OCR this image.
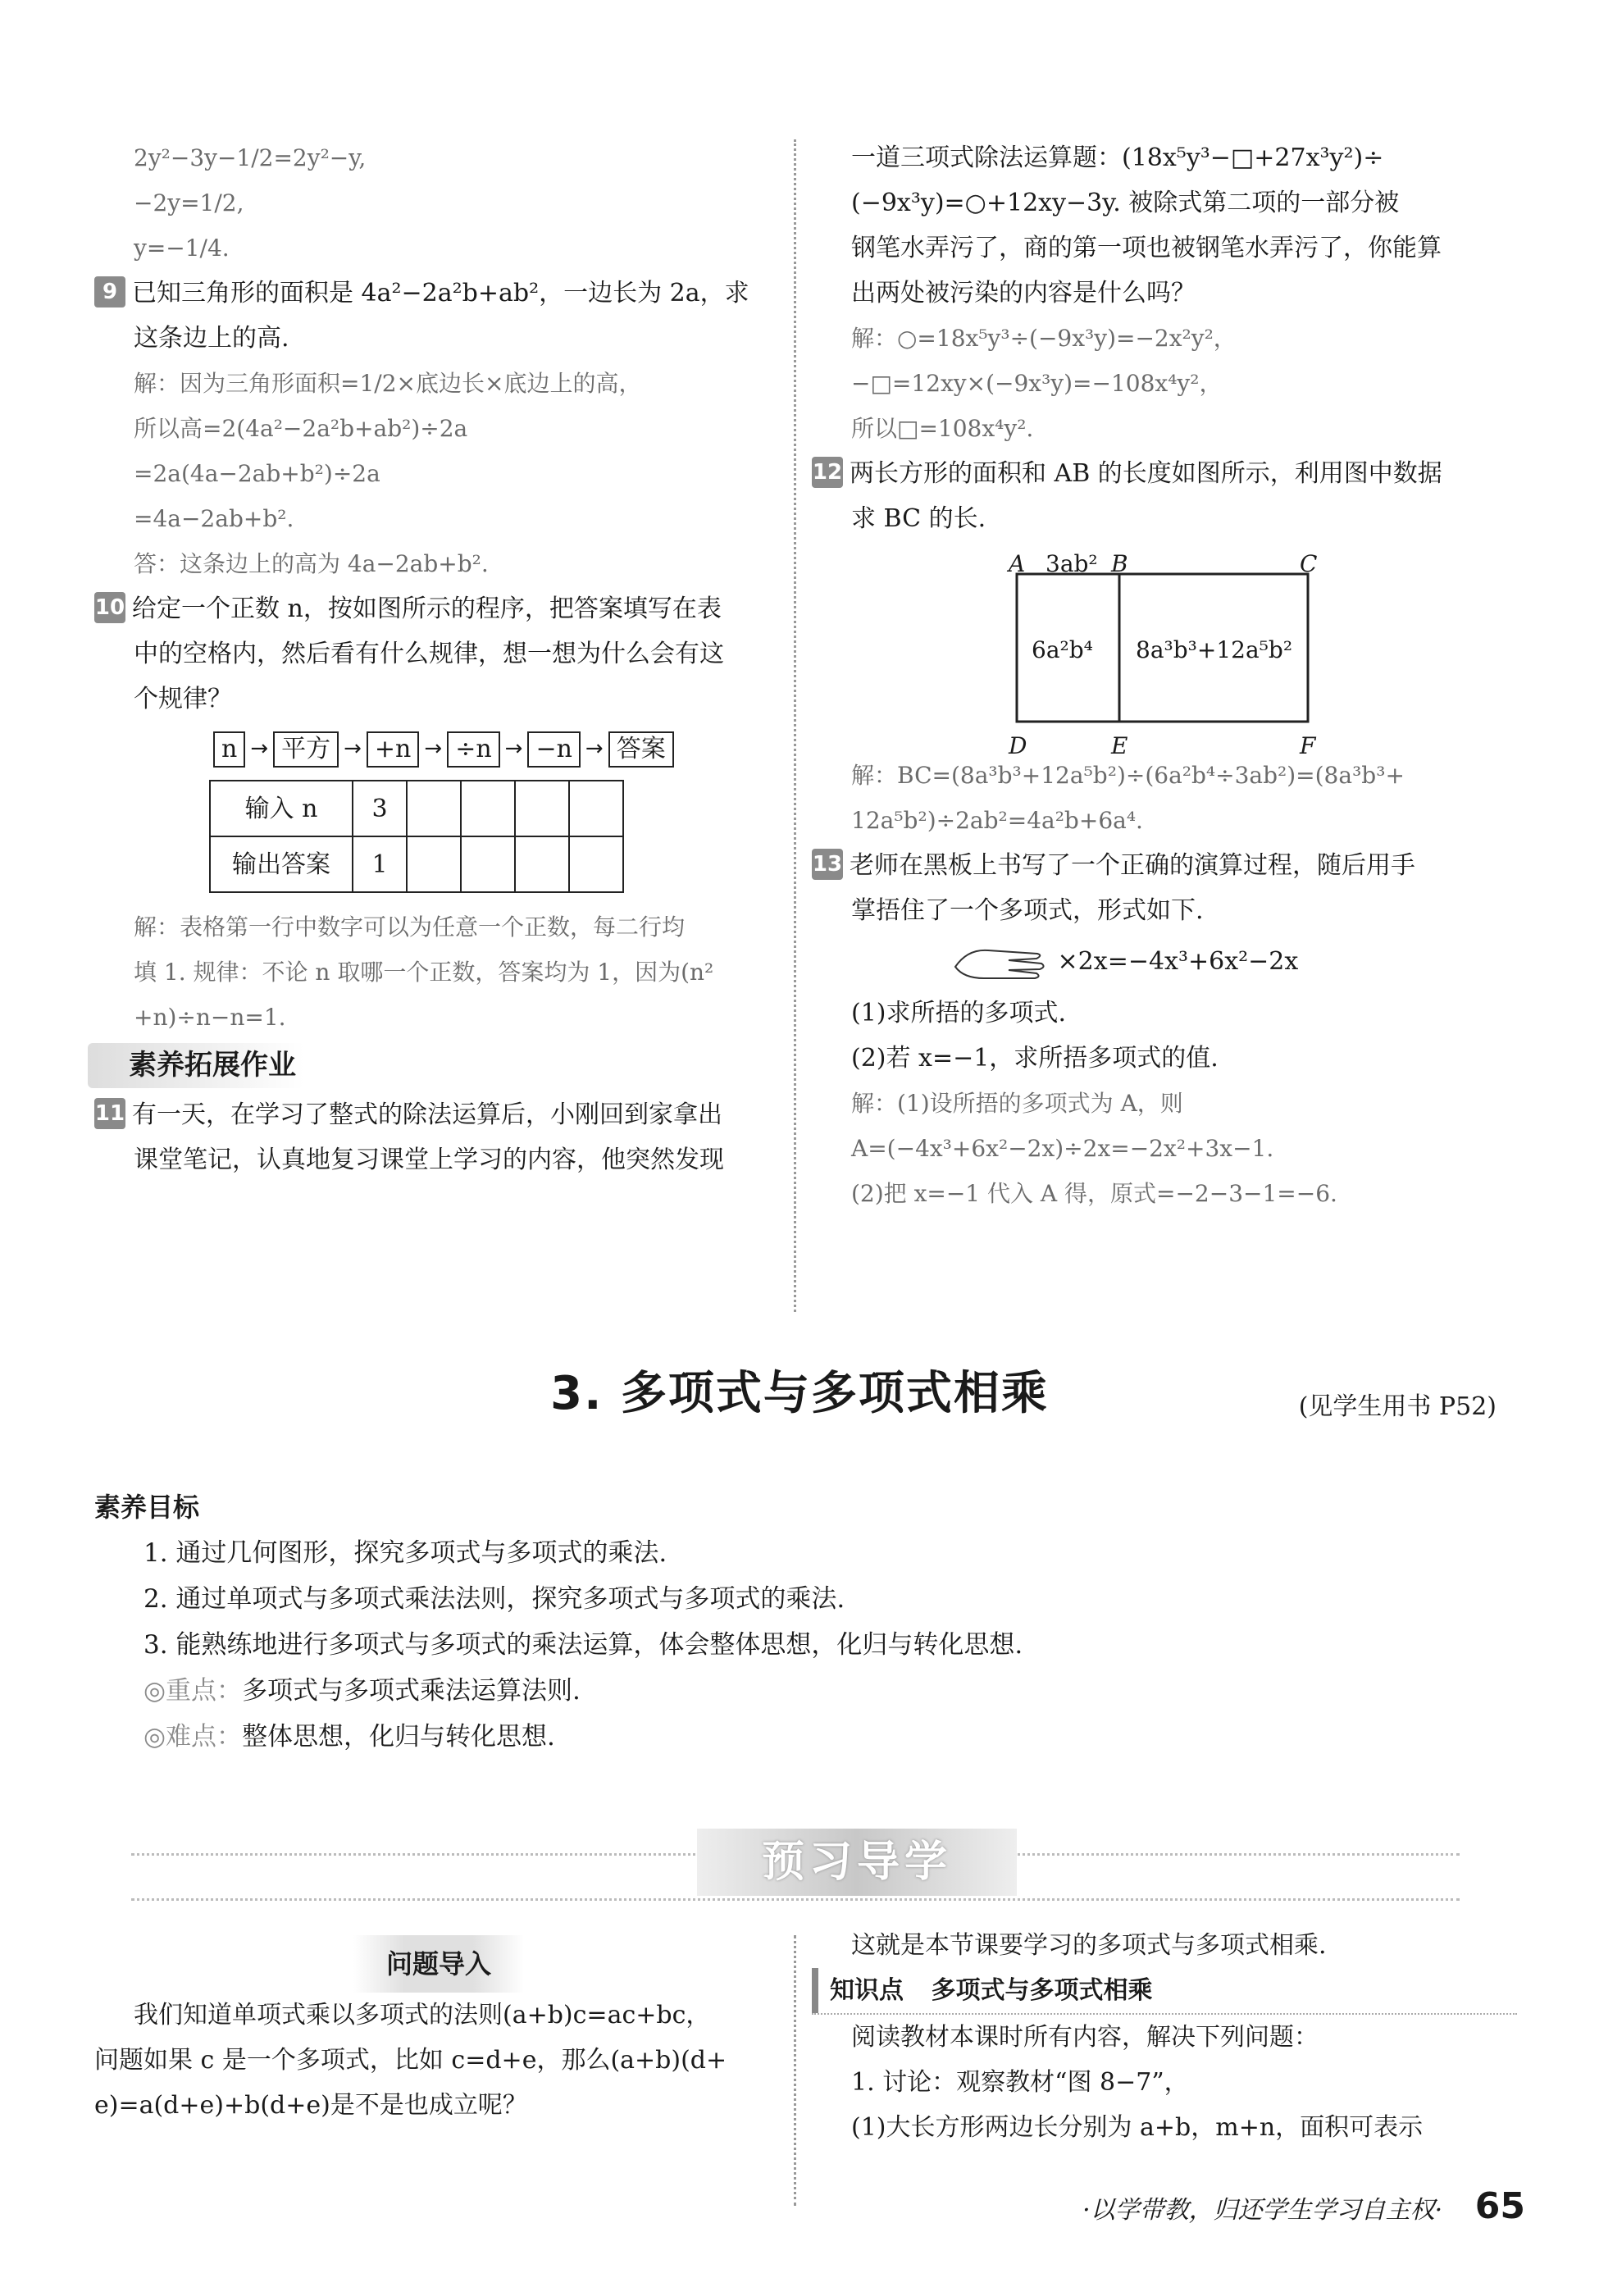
2y²−3y−1/2=2y²−y,
−2y=1/2,
y=−1/4.
9 已知三角形的面积是 4a²−2a²b+ab²，一边长为 2a，求
这条边上的高.
解：因为三角形面积=1/2×底边长×底边上的高，
所以高=2(4a²−2a²b+ab²)÷2a
=2a(4a−2ab+b²)÷2a
=4a−2ab+b².
答：这条边上的高为 4a−2ab+b².
10 给定一个正数 n，按如图所示的程序，把答案填写在表
中的空格内，然后看有什么规律，想一想为什么会有这
个规律？
n → 平方 → +n → ÷n → −n → 答案
输入 n	3				
输出答案	1				
解：表格第一行中数字可以为任意一个正数，每二行均
填 1. 规律：不论 n 取哪一个正数，答案均为 1，因为(n²
+n)÷n−n=1.
素养拓展作业
11 有一天，在学习了整式的除法运算后，小刚回到家拿出
课堂笔记，认真地复习课堂上学习的内容，他突然发现
一道三项式除法运算题：(18x⁵y³−□+27x³y²)÷
(−9x³y)=○+12xy−3y. 被除式第二项的一部分被
钢笔水弄污了，商的第一项也被钢笔水弄污了，你能算
出两处被污染的内容是什么吗？
解：○=18x⁵y³÷(−9x³y)=−2x²y²，
−□=12xy×(−9x³y)=−108x⁴y²，
所以□=108x⁴y².
12 两长方形的面积和 AB 的长度如图所示，利用图中数据
求 BC 的长.
A 3ab² B	C
6a²b⁴ 8a³b³+12a⁵b²
D	E	F
解：BC=(8a³b³+12a⁵b²)÷(6a²b⁴÷3ab²)=(8a³b³+
12a⁵b²)÷2ab²=4a²b+6a⁴.
13 老师在黑板上书写了一个正确的演算过程，随后用手
掌捂住了一个多项式，形式如下.
×2x=−4x³+6x²−2x
(1)求所捂的多项式.
(2)若 x=−1，求所捂多项式的值.
解：(1)设所捂的多项式为 A，则
A=(−4x³+6x²−2x)÷2x=−2x²+3x−1.
(2)把 x=−1 代入 A 得，原式=−2−3−1=−6.
3. 多项式与多项式相乘	(见学生用书 P52)
素养目标
1. 通过几何图形，探究多项式与多项式的乘法.
2. 通过单项式与多项式乘法法则，探究多项式与多项式的乘法.
3. 能熟练地进行多项式与多项式的乘法运算，体会整体思想，化归与转化思想.
◎重点：多项式与多项式乘法运算法则.
◎难点：整体思想，化归与转化思想.
预习导学
问题导入
我们知道单项式乘以多项式的法则(a+b)c=ac+bc，
问题如果 c 是一个多项式，比如 c=d+e，那么(a+b)(d+
e)=a(d+e)+b(d+e)是不是也成立呢？
这就是本节课要学习的多项式与多项式相乘.
知识点 多项式与多项式相乘
阅读教材本课时所有内容，解决下列问题：
1. 讨论：观察教材“图 8−7”，
(1)大长方形两边长分别为 a+b，m+n，面积可表示
·以学带教，归还学生学习自主权· 65
